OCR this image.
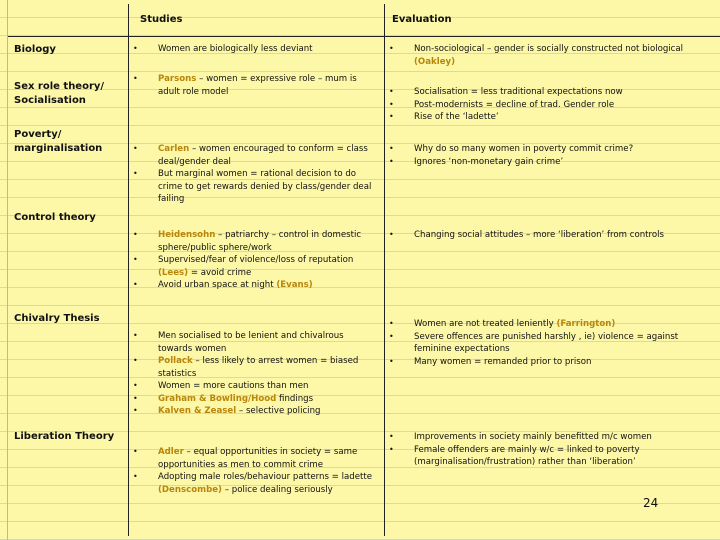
Studies	Evaluation
Biology
Sex role theory/ Socialisation
Poverty/ marginalisation
Control theory
Chivalry Thesis
Liberation Theory
• Women are biologically less deviant
• Parsons – women = expressive role – mum is adult role model
• Carlen – women encouraged to conform = class deal/gender deal
• But marginal women = rational decision to do crime to get rewards denied by class/gender deal failing
• Heidensohn – patriarchy – control in domestic sphere/public sphere/work
• Supervised/fear of violence/loss of reputation (Lees) = avoid crime
• Avoid urban space at night (Evans)
• Men socialised to be lenient and chivalrous towards women
• Pollack – less likely to arrest women = biased statistics
• Women = more cautions than men
• Graham & Bowling/Hood findings
• Kalven & Zeasel – selective policing
• Adler – equal opportunities in society = same opportunities as men to commit crime
• Adopting male roles/behaviour patterns = ladette (Denscombe) – police dealing seriously
• Non-sociological – gender is socially constructed not biological (Oakley)
• Socialisation = less traditional expectations now
• Post-modernists = decline of trad. Gender role
• Rise of the ‘ladette’
• Why do so many women in poverty commit crime?
• Ignores ‘non-monetary gain crime’
• Changing social attitudes – more ‘liberation’ from controls
• Women are not treated leniently (Farrington)
• Severe offences are punished harshly , ie) violence = against feminine expectations
• Many women = remanded prior to prison
• Improvements in society mainly benefitted m/c women
• Female offenders are mainly w/c = linked to poverty (marginalisation/frustration) rather than ‘liberation’
24
